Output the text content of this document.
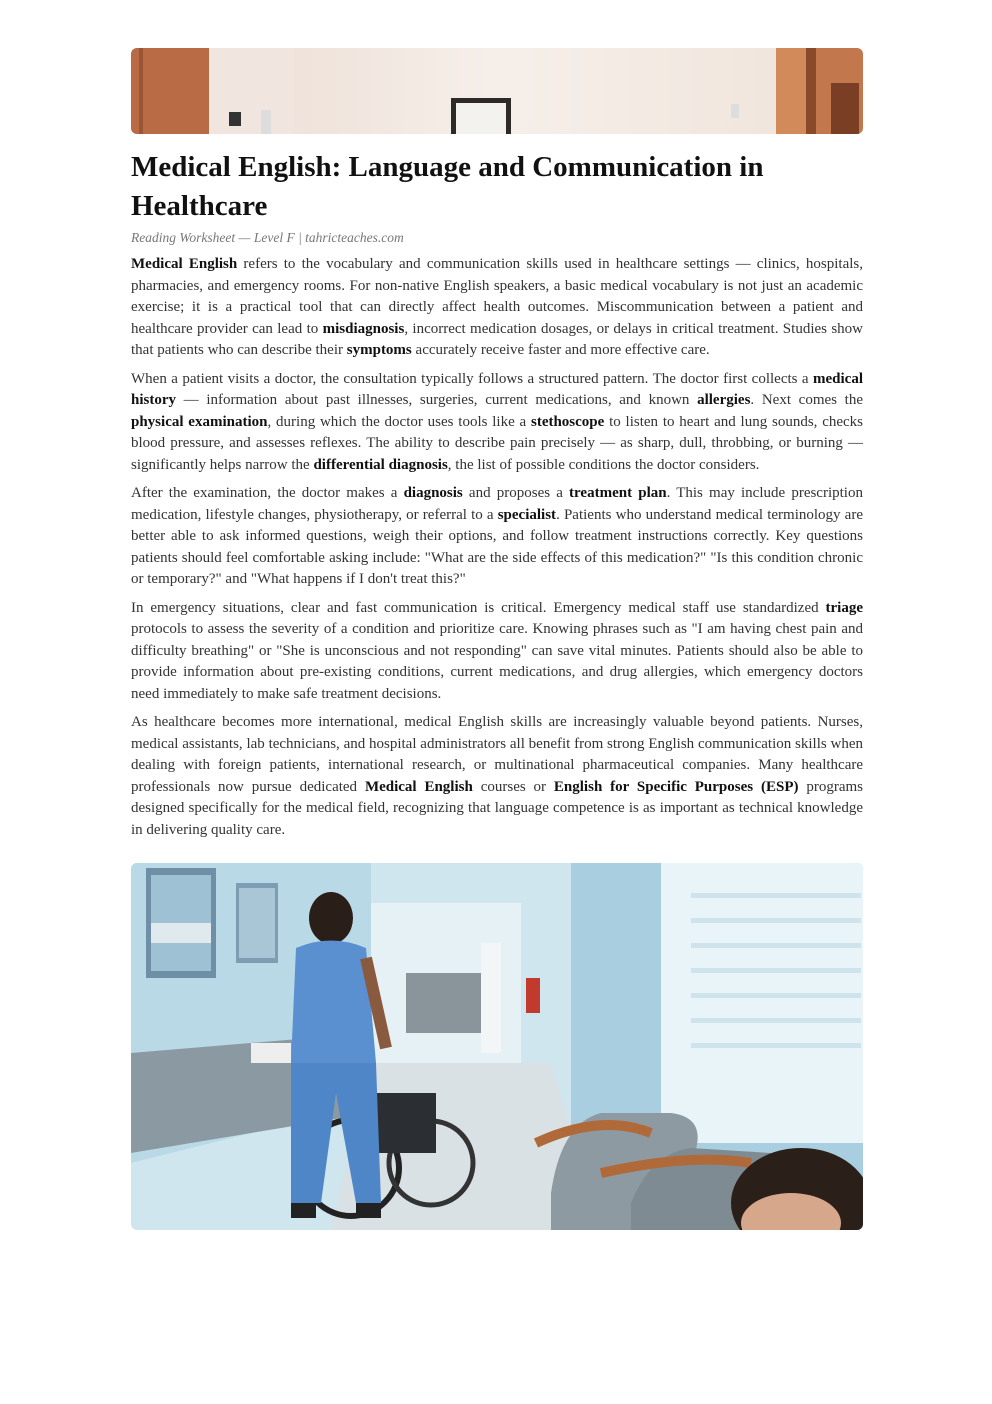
Medical English: Language and Communication in Healthcare
Reading Worksheet — Level F | tahricteaches.com

Medical English refers to the vocabulary and communication skills used in healthcare settings — clinics, hospitals, pharmacies, and emergency rooms. For non-native English speakers, a basic medical vocabulary is not just an academic exercise; it is a practical tool that can directly affect health outcomes. Miscommunication between a patient and healthcare provider can lead to misdiagnosis, incorrect medication dosages, or delays in critical treatment. Studies show that patients who can describe their symptoms accurately receive faster and more effective care.

When a patient visits a doctor, the consultation typically follows a structured pattern. The doctor first collects a medical history — information about past illnesses, surgeries, current medications, and known allergies. Next comes the physical examination, during which the doctor uses tools like a stethoscope to listen to heart and lung sounds, checks blood pressure, and assesses reflexes. The ability to describe pain precisely — as sharp, dull, throbbing, or burning — significantly helps narrow the differential diagnosis, the list of possible conditions the doctor considers.

After the examination, the doctor makes a diagnosis and proposes a treatment plan. This may include prescription medication, lifestyle changes, physiotherapy, or referral to a specialist. Patients who understand medical terminology are better able to ask informed questions, weigh their options, and follow treatment instructions correctly. Key questions patients should feel comfortable asking include: "What are the side effects of this medication?" "Is this condition chronic or temporary?" and "What happens if I don't treat this?"

In emergency situations, clear and fast communication is critical. Emergency medical staff use standardized triage protocols to assess the severity of a condition and prioritize care. Knowing phrases such as "I am having chest pain and difficulty breathing" or "She is unconscious and not responding" can save vital minutes. Patients should also be able to provide information about pre-existing conditions, current medications, and drug allergies, which emergency doctors need immediately to make safe treatment decisions.

As healthcare becomes more international, medical English skills are increasingly valuable beyond patients. Nurses, medical assistants, lab technicians, and hospital administrators all benefit from strong English communication skills when dealing with foreign patients, international research, or multinational pharmaceutical companies. Many healthcare professionals now pursue dedicated Medical English courses or English for Specific Purposes (ESP) programs designed specifically for the medical field, recognizing that language competence is as important as technical knowledge in delivering quality care.
